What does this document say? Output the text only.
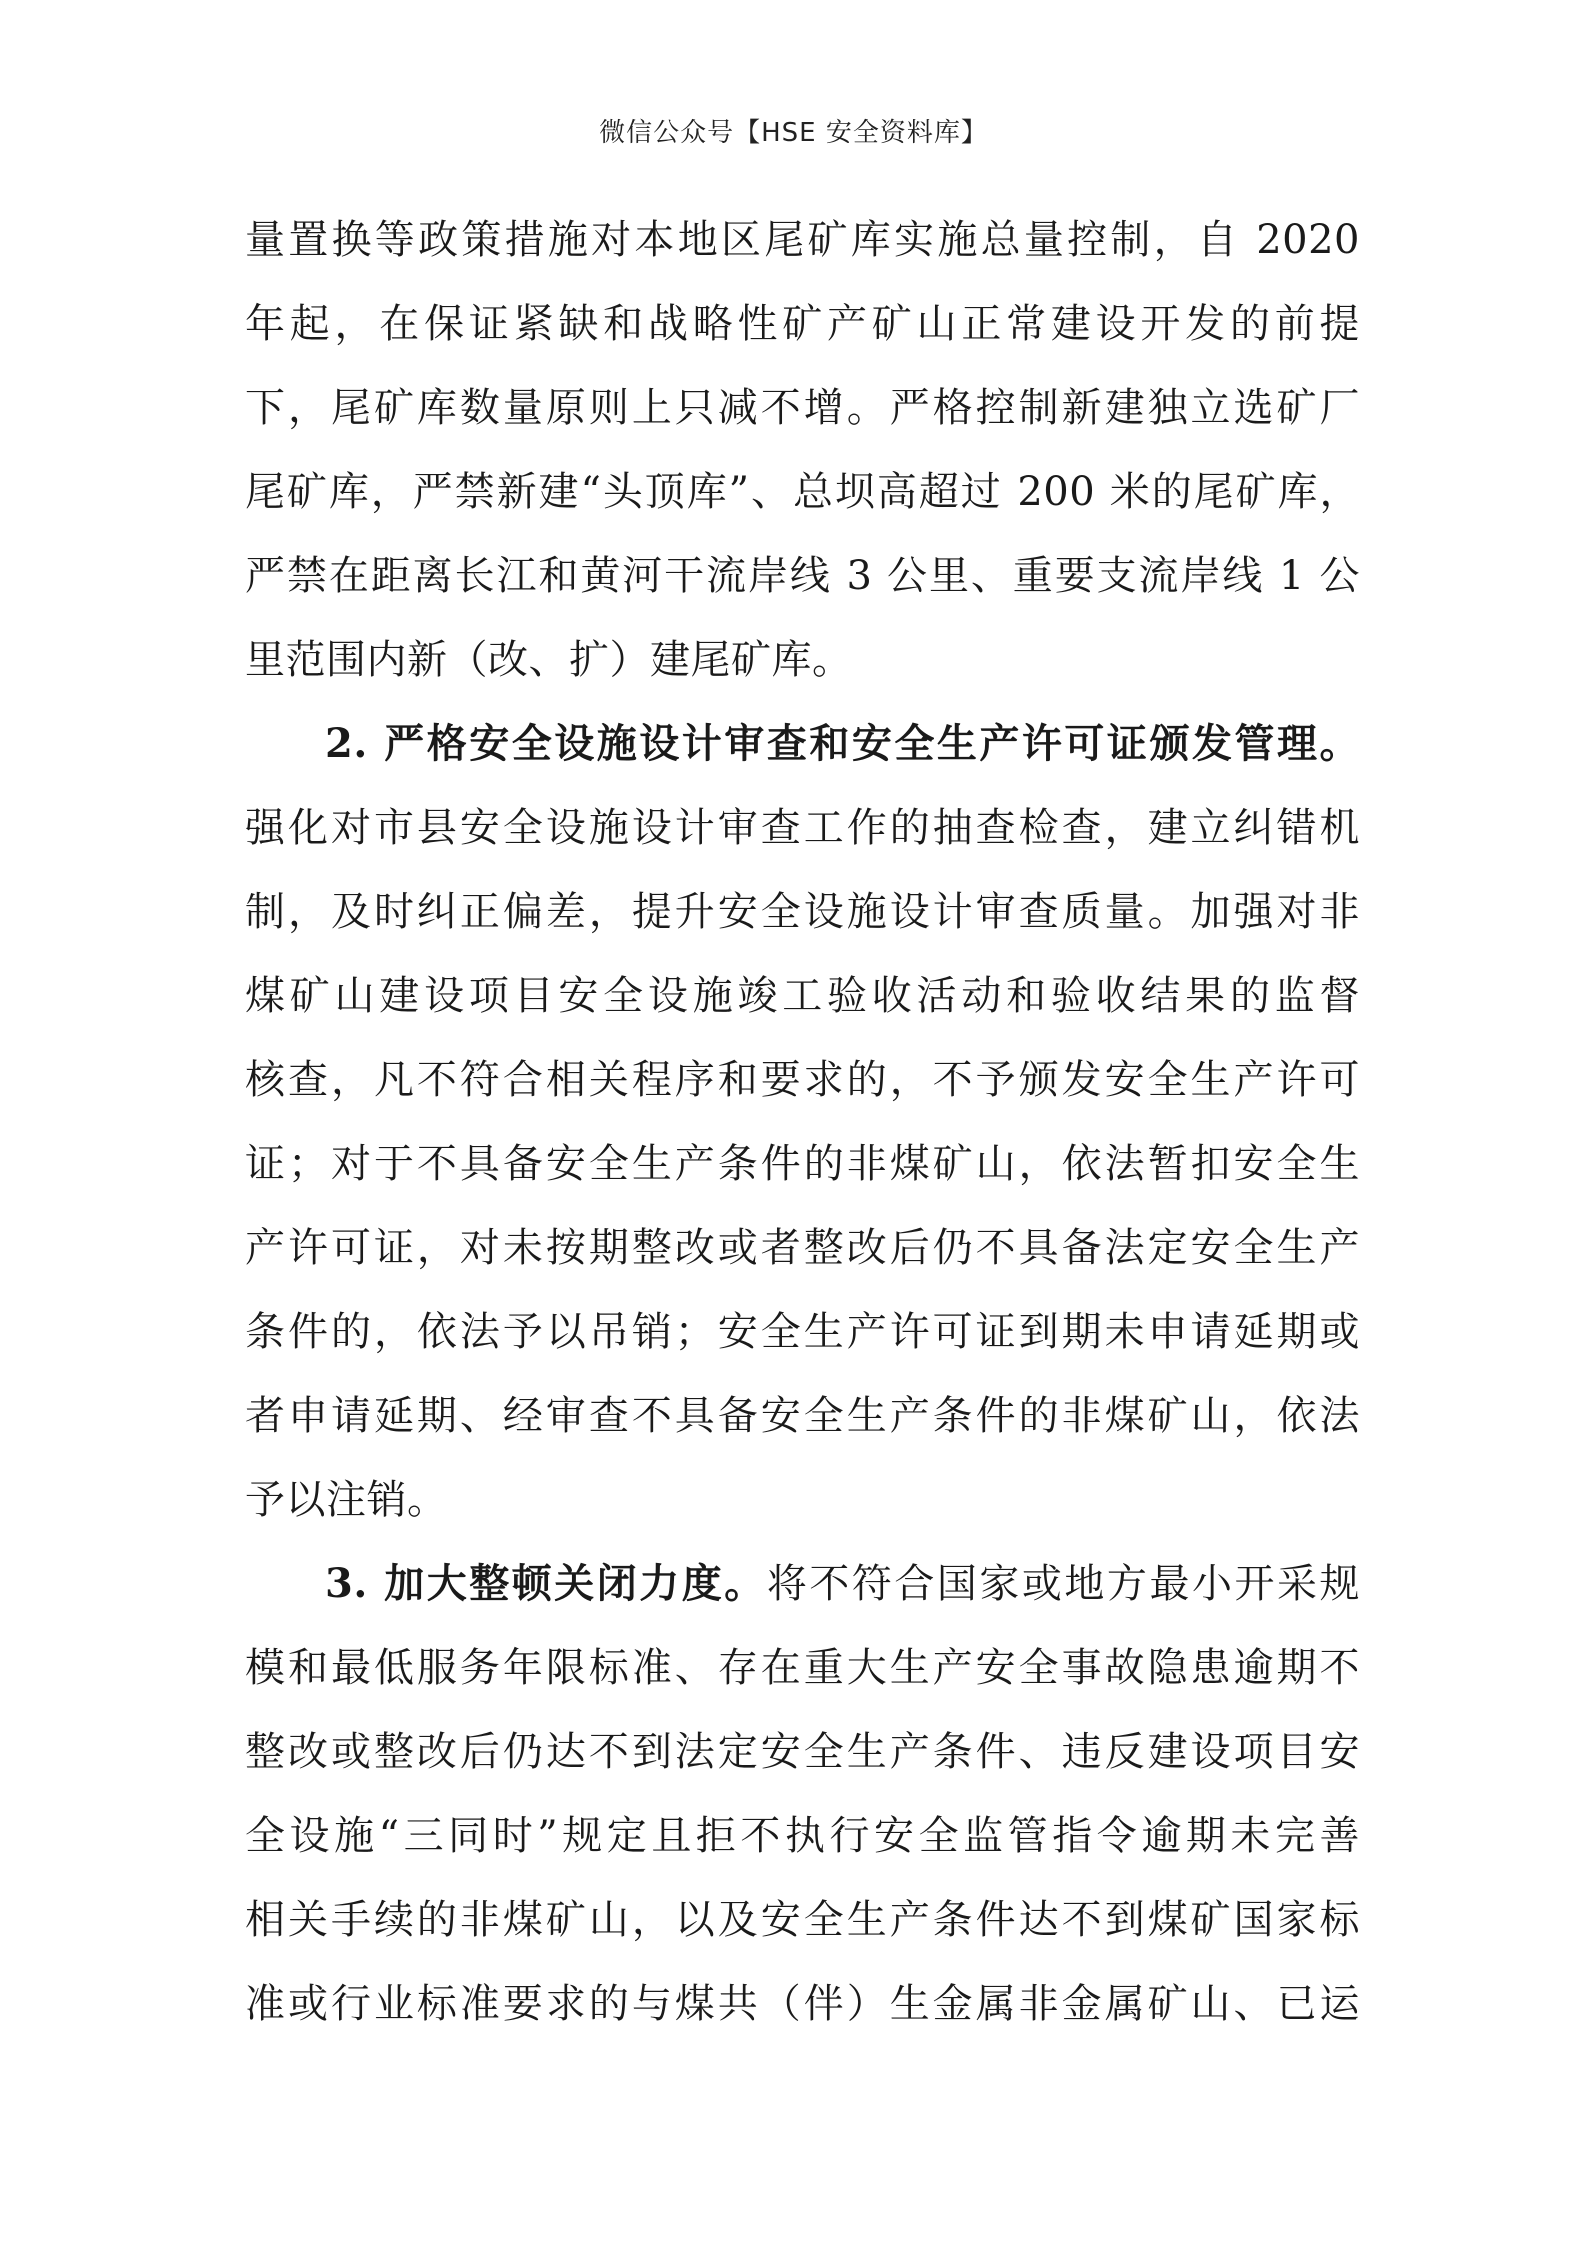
微信公众号【HSE 安全资料库】
量置换等政策措施对本地区尾矿库实施总量控制，自 2020
年起，在保证紧缺和战略性矿产矿山正常建设开发的前提
下，尾矿库数量原则上只减不增。严格控制新建独立选矿厂
尾矿库，严禁新建“头顶库”、总坝高超过 200 米的尾矿库，
严禁在距离长江和黄河干流岸线 3 公里、重要支流岸线 1 公
里范围内新（改、扩）建尾矿库。
2. 严格安全设施设计审查和安全生产许可证颁发管理。
强化对市县安全设施设计审查工作的抽查检查，建立纠错机
制，及时纠正偏差，提升安全设施设计审查质量。加强对非
煤矿山建设项目安全设施竣工验收活动和验收结果的监督
核查，凡不符合相关程序和要求的，不予颁发安全生产许可
证；对于不具备安全生产条件的非煤矿山，依法暂扣安全生
产许可证，对未按期整改或者整改后仍不具备法定安全生产
条件的，依法予以吊销；安全生产许可证到期未申请延期或
者申请延期、经审查不具备安全生产条件的非煤矿山，依法
予以注销。
3. 加大整顿关闭力度。将不符合国家或地方最小开采规
模和最低服务年限标准、存在重大生产安全事故隐患逾期不
整改或整改后仍达不到法定安全生产条件、违反建设项目安
全设施“三同时”规定且拒不执行安全监管指令逾期未完善
相关手续的非煤矿山，以及安全生产条件达不到煤矿国家标
准或行业标准要求的与煤共（伴）生金属非金属矿山、已运
